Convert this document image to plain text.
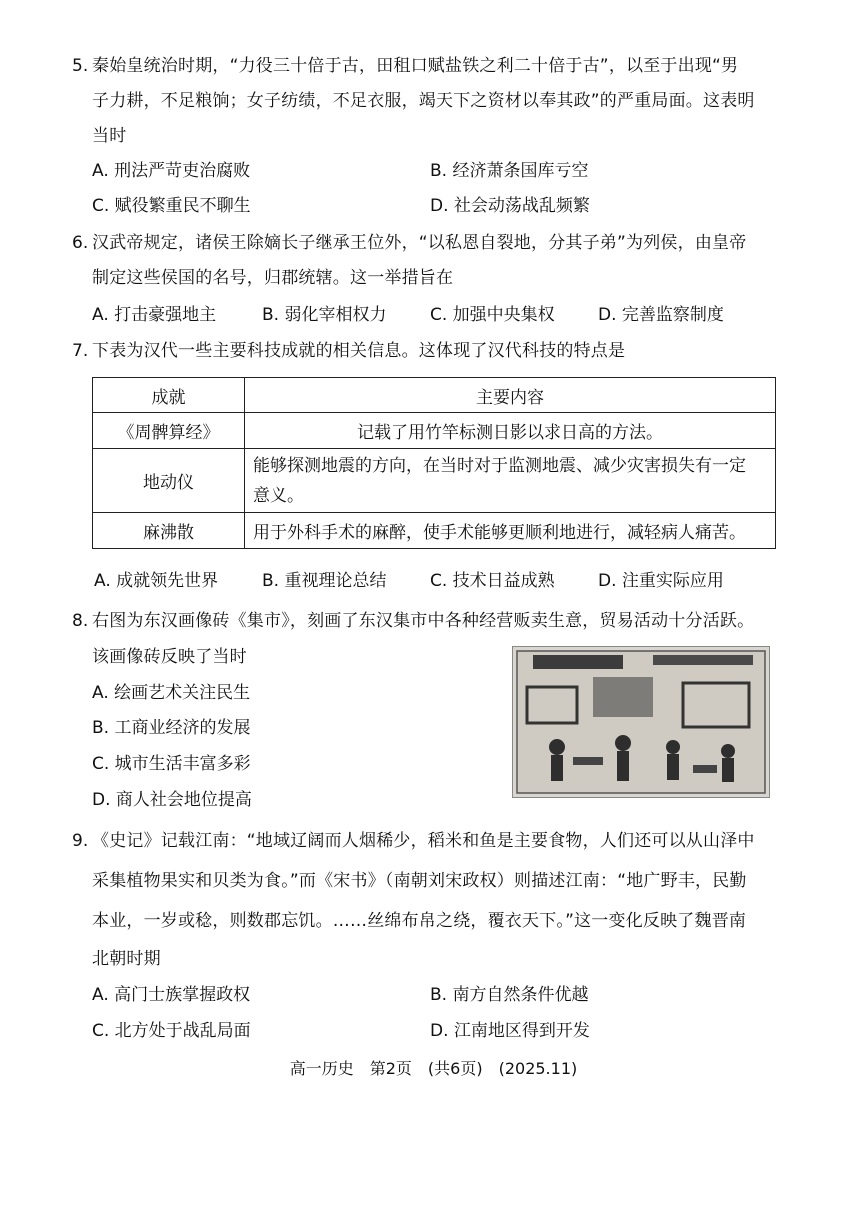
5. 秦始皇统治时期，“力役三十倍于古，田租口赋盐铁之利二十倍于古”，以至于出现“男
子力耕，不足粮饷；女子纺绩，不足衣服，竭天下之资材以奉其政”的严重局面。这表明
当时
A. 刑法严苛吏治腐败	B. 经济萧条国库亏空
C. 赋役繁重民不聊生	D. 社会动荡战乱频繁
6. 汉武帝规定，诸侯王除嫡长子继承王位外，“以私恩自裂地，分其子弟”为列侯，由皇帝
制定这些侯国的名号，归郡统辖。这一举措旨在
A. 打击豪强地主	B. 弱化宰相权力	C. 加强中央集权	D. 完善监察制度
7. 下表为汉代一些主要科技成就的相关信息。这体现了汉代科技的特点是
成就	主要内容
《周髀算经》	记载了用竹竿标测日影以求日高的方法。
地动仪	能够探测地震的方向，在当时对于监测地震、减少灾害损失有一定
意义。

麻沸散	用于外科手术的麻醉，使手术能够更顺利地进行，减轻病人痛苦。
A. 成就领先世界	B. 重视理论总结	C. 技术日益成熟	D. 注重实际应用
8. 右图为东汉画像砖《集市》，刻画了东汉集市中各种经营贩卖生意，贸易活动十分活跃。
该画像砖反映了当时
A. 绘画艺术关注民生
B. 工商业经济的发展
C. 城市生活丰富多彩
D. 商人社会地位提高
9. 《史记》记载江南：“地域辽阔而人烟稀少，稻米和鱼是主要食物，人们还可以从山泽中
采集植物果实和贝类为食。”而《宋书》（南朝刘宋政权）则描述江南：“地广野丰，民勤
本业，一岁或稔，则数郡忘饥。……丝绵布帛之绕，覆衣天下。”这一变化反映了魏晋南
北朝时期
A. 高门士族掌握政权	B. 南方自然条件优越
C. 北方处于战乱局面	D. 江南地区得到开发
高一历史　第2页　(共6页)　(2025.11)
